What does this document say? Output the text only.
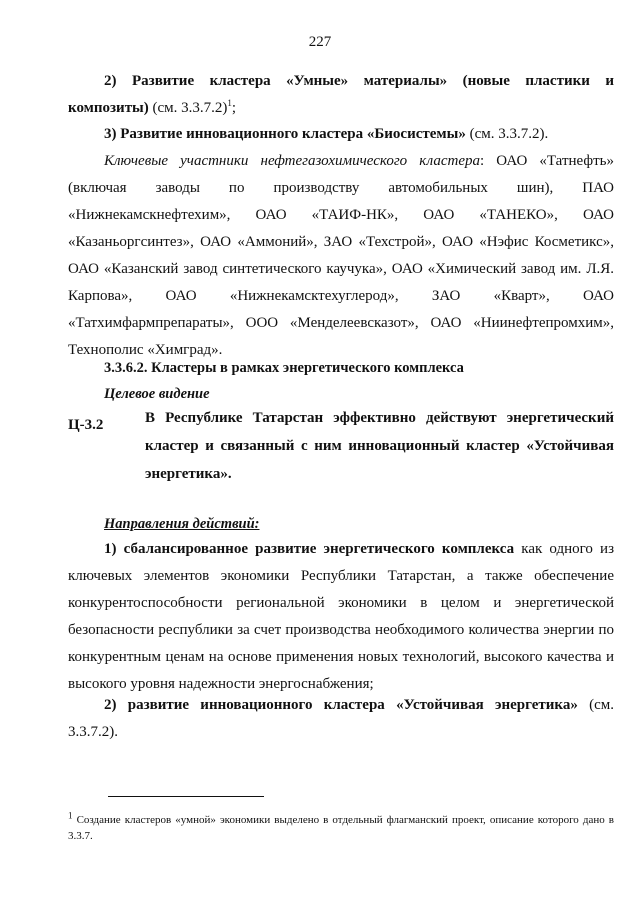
227

2) Развитие кластера «Умные» материалы» (новые пластики и композиты) (см. 3.3.7.2)$^1$;

3) Развитие инновационного кластера «Биосистемы» (см. 3.3.7.2).

Ключевые участники нефтегазохимического кластера: ОАО «Татнефть» (включая заводы по производству автомобильных шин), ПАО «Нижнекамскнефтехим», ОАО «ТАИФ-НК», ОАО «ТАНЕКО», ОАО «Казаньоргсинтез», ОАО «Аммоний», ЗАО «Техстрой», ОАО «Нэфис Косметикс», ОАО «Казанский завод синтетического каучука», ОАО «Химический завод им. Л.Я. Карпова», ОАО «Нижнекамсктехуглерод», ЗАО «Кварт», ОАО «Татхимфармпрепараты», ООО «Менделеевсказот», ОАО «Ниинефтепромхим», Технополис «Химград».

3.3.6.2. Кластеры в рамках энергетического комплекса

Целевое видение

Ц-3.2	В Республике Татарстан эффективно действуют энергетический кластер и связанный с ним инновационный кластер «Устойчивая энергетика».

Направления действий:

1) сбалансированное развитие энергетического комплекса как одного из ключевых элементов экономики Республики Татарстан, а также обеспечение конкурентоспособности региональной экономики в целом и энергетической безопасности республики за счет производства необходимого количества энергии по конкурентным ценам на основе применения новых технологий, высокого качества и высокого уровня надежности энергоснабжения;

2) развитие инновационного кластера «Устойчивая энергетика» (см. 3.3.7.2).

$^1$ Создание кластеров «умной» экономики выделено в отдельный флагманский проект, описание которого дано в 3.3.7.
